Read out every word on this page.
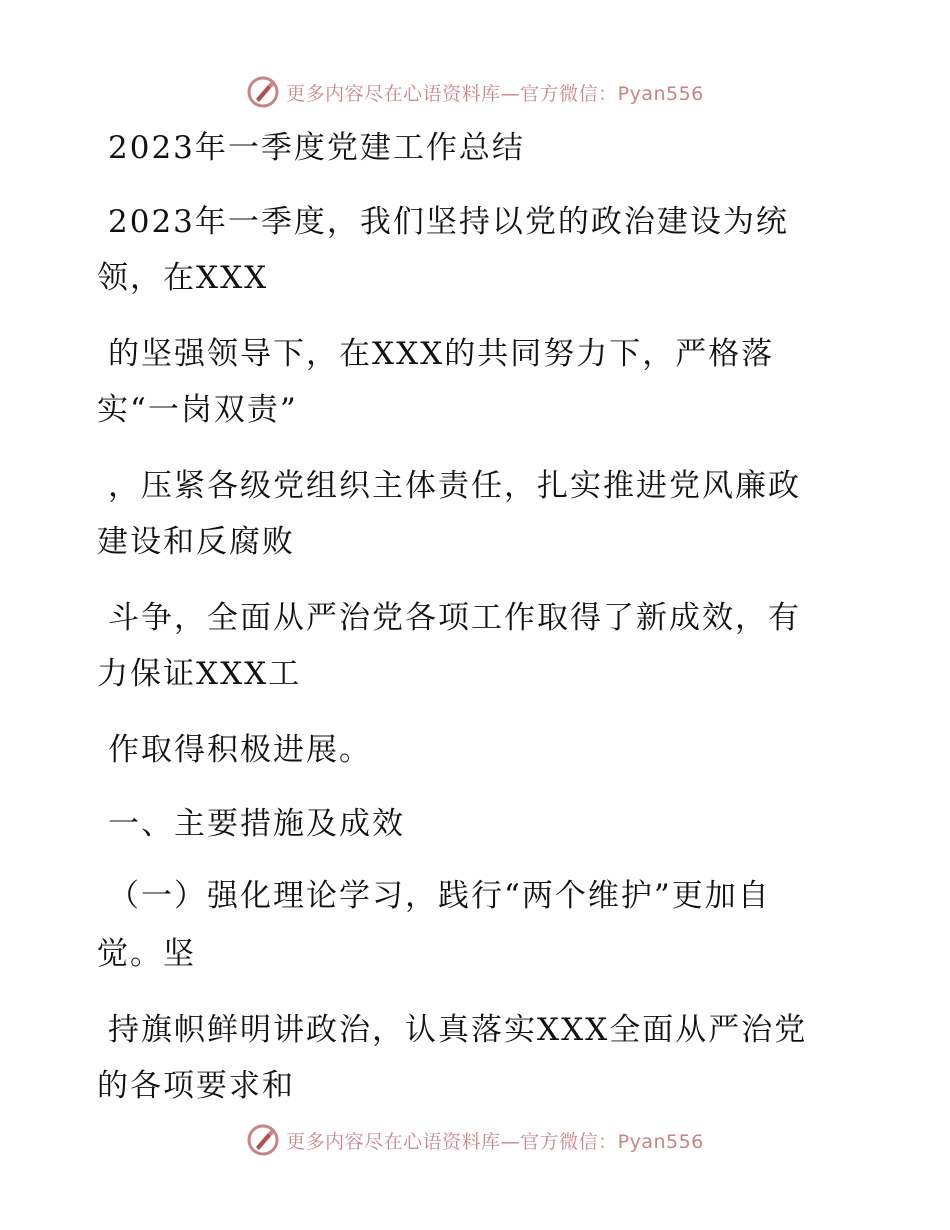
更多内容尽在心语资料库—官方微信：Pyan556
2023年一季度党建工作总结
2023年一季度，我们坚持以党的政治建设为统
领，在XXX
的坚强领导下，在XXX的共同努力下，严格落
实“一岗双责”
，压紧各级党组织主体责任，扎实推进党风廉政
建设和反腐败
斗争，全面从严治党各项工作取得了新成效，有
力保证XXX工
作取得积极进展。
一、主要措施及成效
（一）强化理论学习，践行“两个维护”更加自
觉。坚
持旗帜鲜明讲政治，认真落实XXX全面从严治党
的各项要求和
更多内容尽在心语资料库—官方微信：Pyan556
